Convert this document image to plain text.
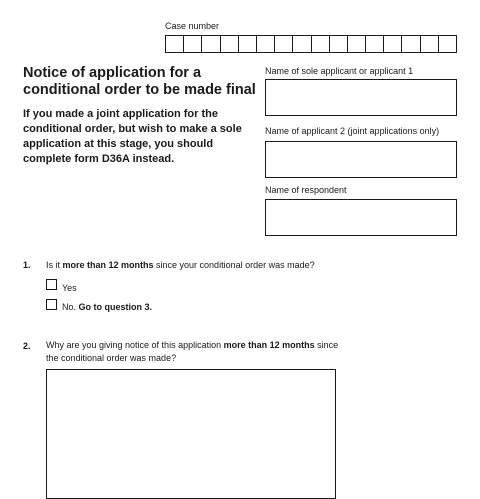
Case number
Notice of application for a conditional order to be made final
If you made a joint application for the conditional order, but wish to make a sole application at this stage, you should complete form D36A instead.
Name of sole applicant or applicant 1
Name of applicant 2 (joint applications only)
Name of respondent
1. Is it more than 12 months since your conditional order was made?
Yes
No. Go to question 3.
2. Why are you giving notice of this application more than 12 months since the conditional order was made?
